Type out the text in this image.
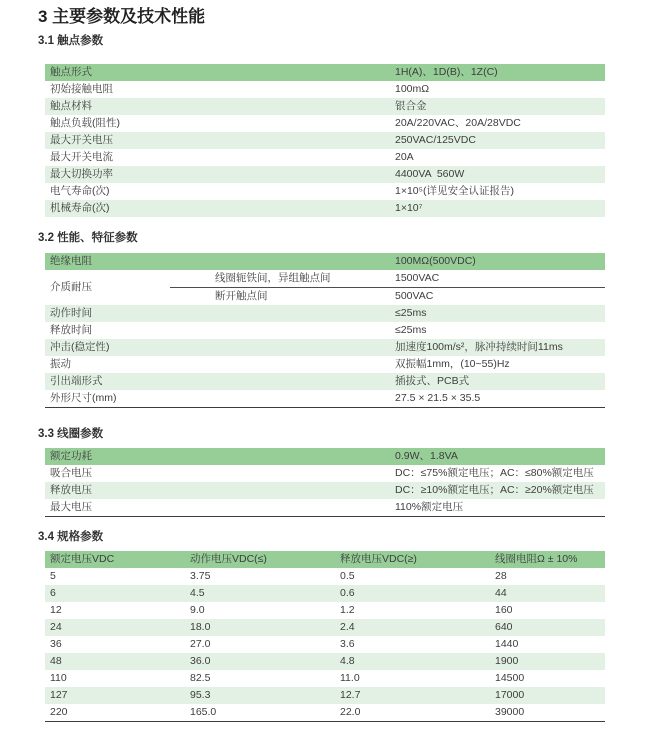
3 主要参数及技术性能
3.1 触点参数
触点形式	1H(A)、1D(B)、1Z(C)
初始接触电阻	100mΩ
触点材料	银合金
触点负载(阻性)	20A/220VAC、20A/28VDC
最大开关电压	250VAC/125VDC
最大开关电流	20A
最大切换功率	4400VA  560W
电气寿命(次)	1×10⁵(详见安全认证报告)
机械寿命(次)	1×10⁷
3.2 性能、特征参数
绝缘电阻		100MΩ(500VDC)
介质耐压	线圈轭铁间，异组触点间	1500VAC
	断开触点间	500VAC
动作时间		≤25ms
释放时间		≤25ms
冲击(稳定性)		加速度100m/s²，脉冲持续时间11ms
振动		双振幅1mm，(10~55)Hz
引出端形式		插拔式、PCB式
外形尺寸(mm)		27.5 × 21.5 × 35.5
3.3 线圈参数
额定功耗	0.9W、1.8VA
吸合电压	DC：≤75%额定电压；AC：≤80%额定电压
释放电压	DC：≥10%额定电压；AC：≥20%额定电压
最大电压	110%额定电压
3.4 规格参数
额定电压VDC	动作电压VDC(≤)	释放电压VDC(≥)	线圈电阻Ω ± 10%
5	3.75	0.5	28
6	4.5	0.6	44
12	9.0	1.2	160
24	18.0	2.4	640
36	27.0	3.6	1440
48	36.0	4.8	1900
110	82.5	11.0	14500
127	95.3	12.7	17000
220	165.0	22.0	39000
